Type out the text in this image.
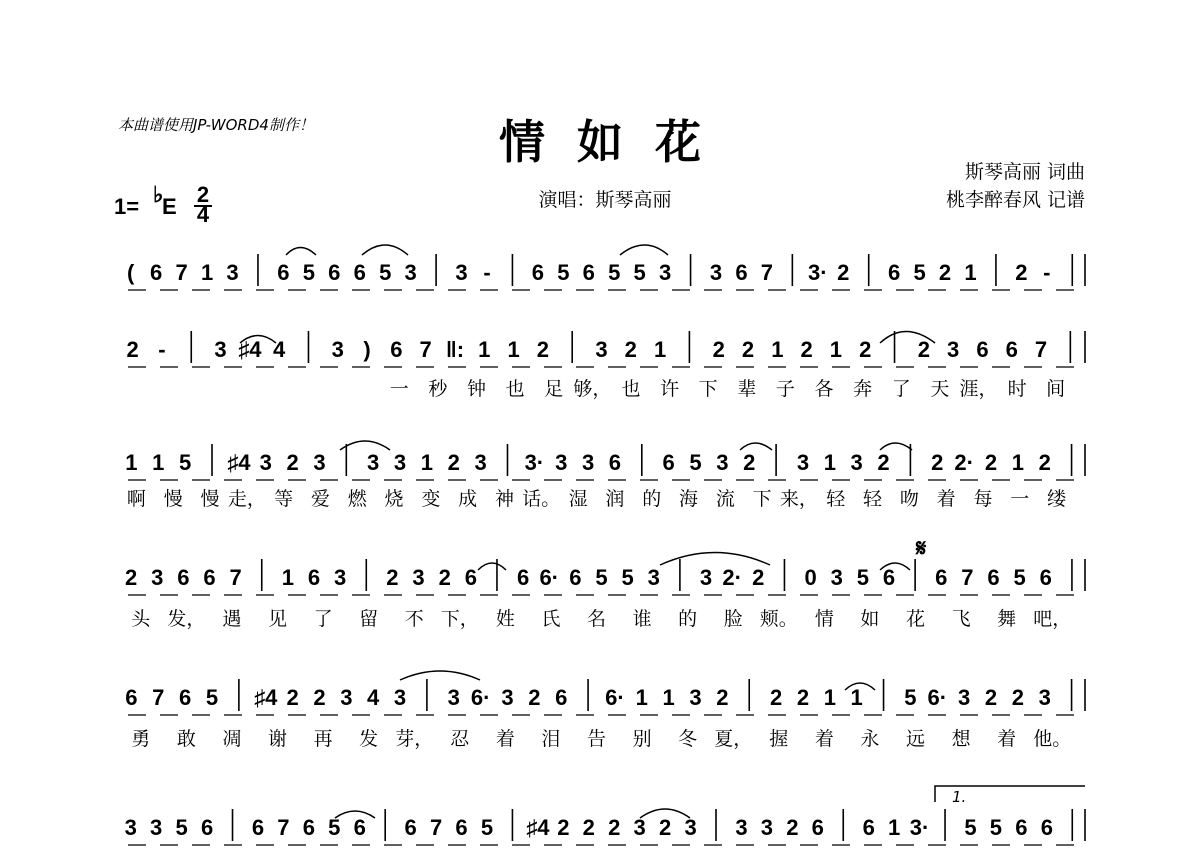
本曲谱使用JP-WORD4制作！	情  如  花
斯琴高丽 词曲
桃李醉春风 记谱
演唱：斯琴高丽
1= ♭
E 2
4
( 6 7 1 3 6 5 6 6 5 3 3 - 6 5 6 5 5 3 3 6 7 3· 2 6 5 2 1 2 -
2 - 3 ♯4 4 3 ) 6 7 ‖: 1 1 2 3 2 1 2 2 1 2 1 2 2 3 6 6 7
一 秒 钟 也 足 够， 也 许 下 辈 子 各 奔 了 天 涯， 时 间
1 1 5 ♯4 3 2 3 3 3 1 2 3 3· 3 3 6 6 5 3 2 3 1 3 2 2 2· 2 1 2
啊 慢 慢 走， 等 爱 燃 烧 变 成 神 话。 湿 润 的 海 流 下 来， 轻 轻 吻 着 每 一 缕
2 3 6 6 7 1 6 3 2 3 2 6 6 6· 6 5 5 3 3 2· 2 0 3 5 6 6 7 6 5 6
头 发， 遇 见 了 留 不 下， 姓 氏 名 谁 的 脸 颊。 情 如 花 飞 舞 吧，
6 7 6 5 ♯4 2 2 3 4 3 3 6· 3 2 6 6· 1 1 3 2 2 2 1 1 5 6· 3 2 2 3
勇 敢 凋 谢 再 发 芽， 忍 着 泪 告 别 冬 夏， 握 着 永 远 想 着 他。
3 3 5 6 6 7 6 5 6 6 7 6 5 ♯4 2 2 2 3 2 3 3 3 2 6 6 1 3· 5 5 6 6
1.
𝄋
